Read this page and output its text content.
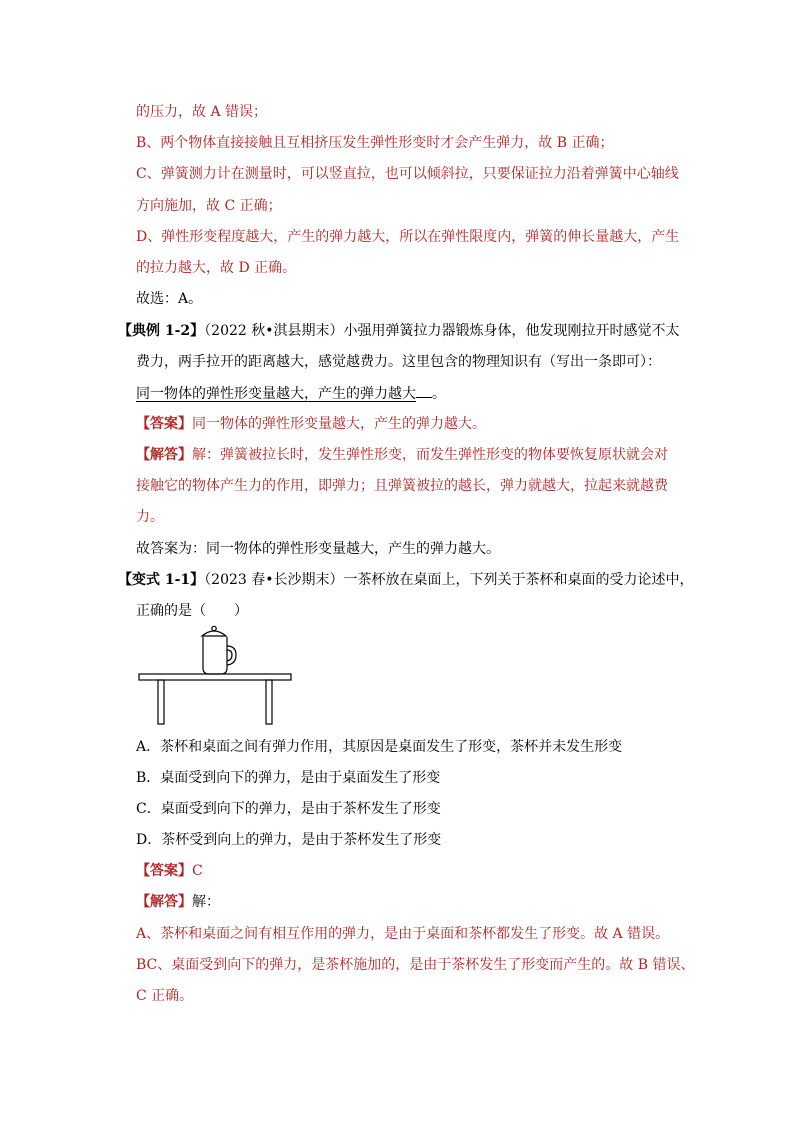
的压力，故 A 错误；
B、两个物体直接接触且互相挤压发生弹性形变时才会产生弹力，故 B 正确；
C、弹簧测力计在测量时，可以竖直拉，也可以倾斜拉，只要保证拉力沿着弹簧中心轴线
方向施加，故 C 正确；
D、弹性形变程度越大，产生的弹力越大，所以在弹性限度内，弹簧的伸长量越大，产生
的拉力越大，故 D 正确。
故选：A。
【典例 1-2】（2022 秋•淇县期末）小强用弹簧拉力器锻炼身体，他发现刚拉开时感觉不太
费力，两手拉开的距离越大，感觉越费力。这里包含的物理知识有（写出一条即可）：
同一物体的弹性形变量越大，产生的弹力越大 。
【答案】同一物体的弹性形变量越大，产生的弹力越大。
【解答】解：弹簧被拉长时，发生弹性形变，而发生弹性形变的物体要恢复原状就会对
接触它的物体产生力的作用，即弹力；且弹簧被拉的越长，弹力就越大，拉起来就越费
力。
故答案为：同一物体的弹性形变量越大，产生的弹力越大。
【变式 1-1】（2023 春•长沙期末）一茶杯放在桌面上，下列关于茶杯和桌面的受力论述中，
正确的是（　　）
A．茶杯和桌面之间有弹力作用，其原因是桌面发生了形变，茶杯并未发生形变
B．桌面受到向下的弹力，是由于桌面发生了形变
C．桌面受到向下的弹力，是由于茶杯发生了形变
D．茶杯受到向上的弹力，是由于茶杯发生了形变
【答案】C
【解答】解：
A、茶杯和桌面之间有相互作用的弹力，是由于桌面和茶杯都发生了形变。故 A 错误。
BC、桌面受到向下的弹力，是茶杯施加的，是由于茶杯发生了形变而产生的。故 B 错误、
C 正确。
